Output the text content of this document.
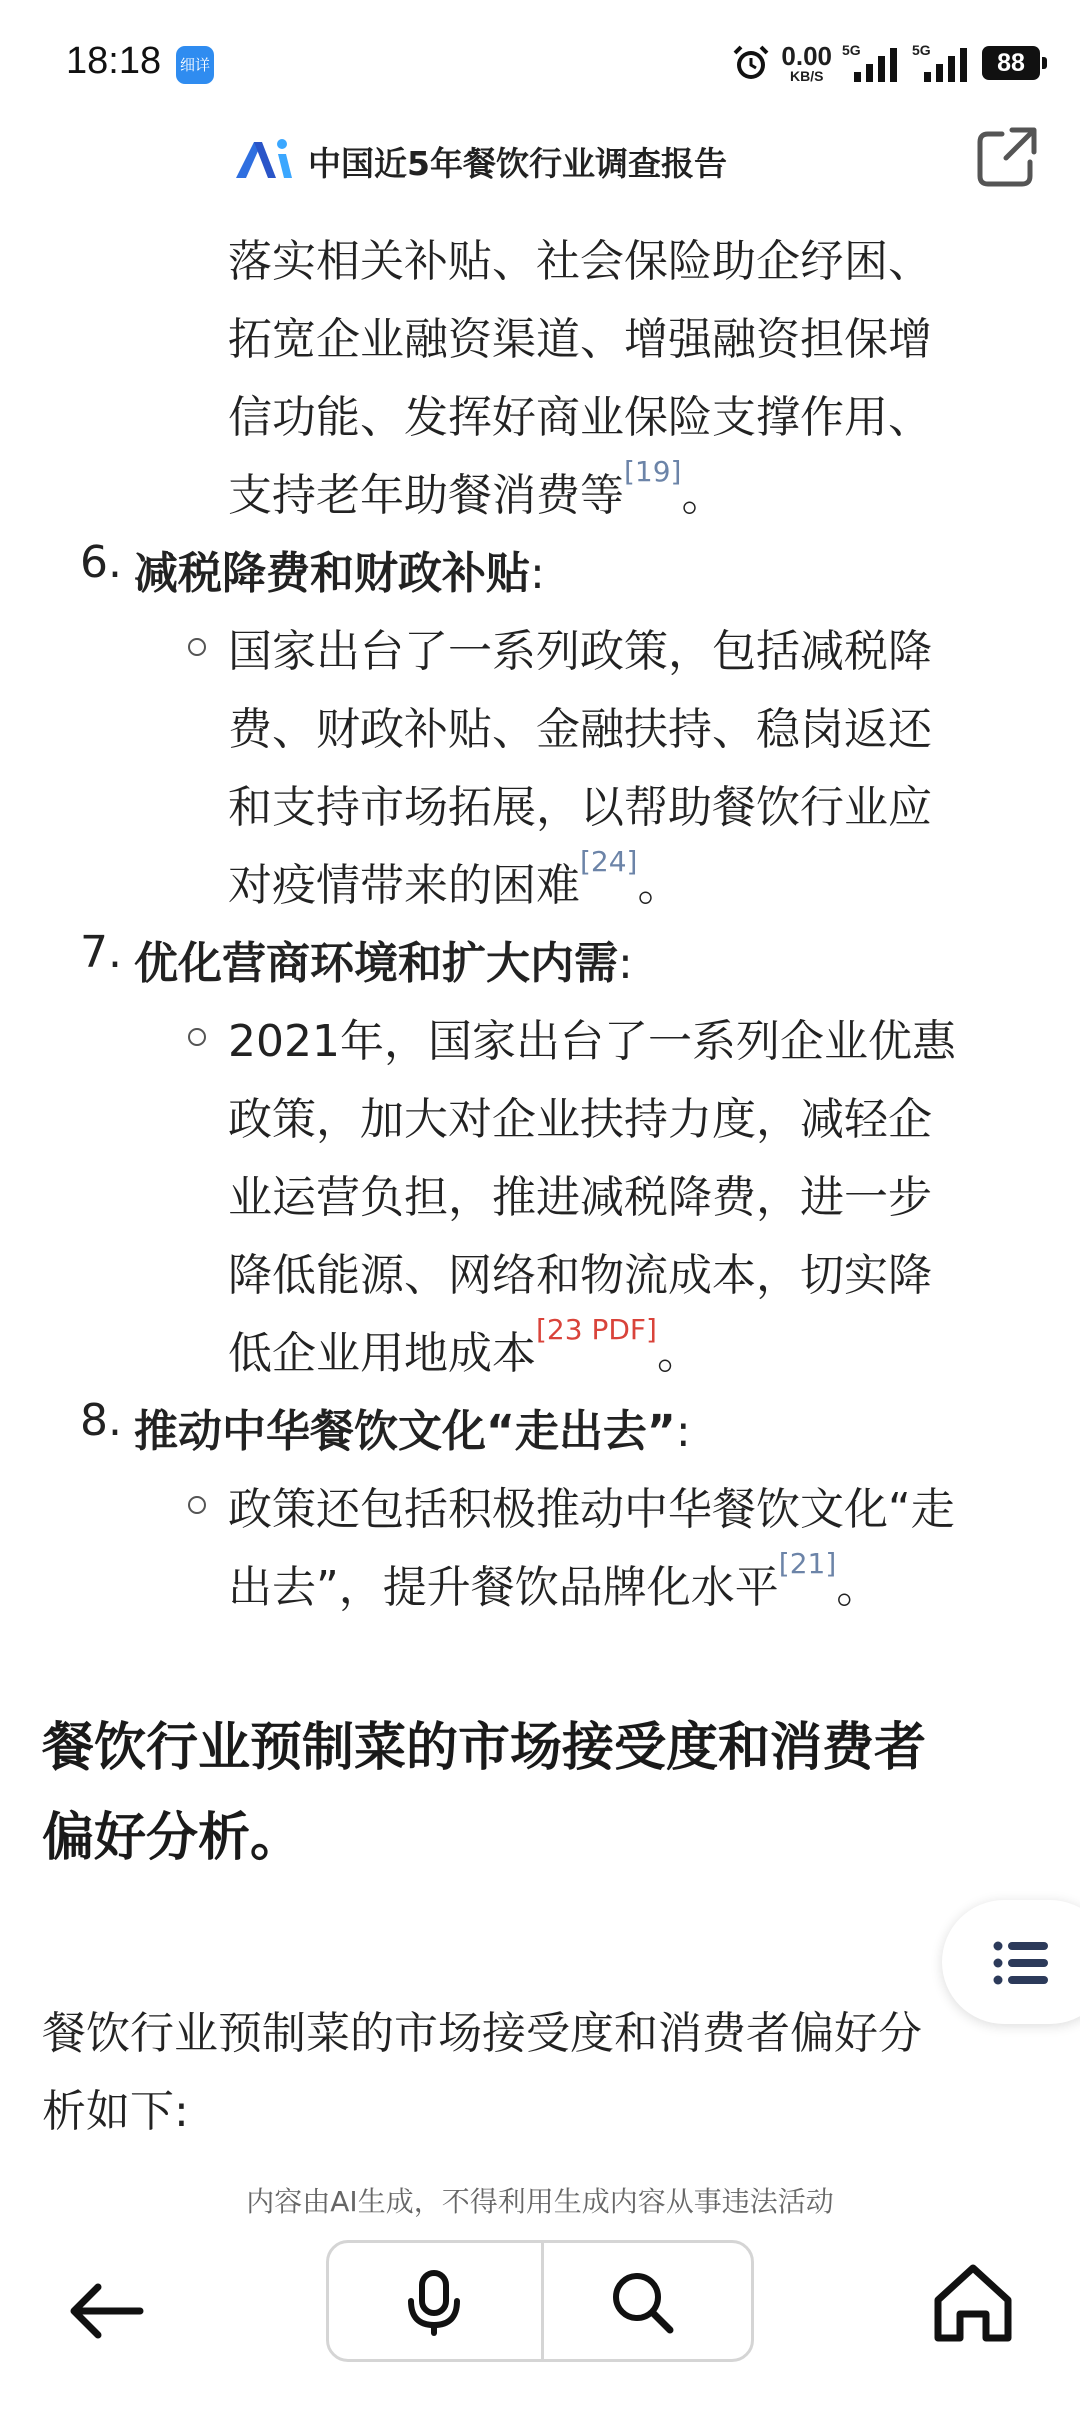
18:18 细详	0.00
KB/S
5G	5G	88
中国近5年餐饮行业调查报告
落实相关补贴、社会保险助企纾困、
拓宽企业融资渠道、增强融资担保增
信功能、发挥好商业保险支撑作用、
支持老年助餐消费等[19]。
6. 减税降费和财政补贴:
国家出台了一系列政策，包括减税降
费、财政补贴、金融扶持、稳岗返还
和支持市场拓展，以帮助餐饮行业应
对疫情带来的困难[24]。
7. 优化营商环境和扩大内需:
2021年，国家出台了一系列企业优惠
政策，加大对企业扶持力度，减轻企
业运营负担，推进减税降费，进一步
降低能源、网络和物流成本，切实降
低企业用地成本[23 PDF]。
8. 推动中华餐饮文化“走出去”:
政策还包括积极推动中华餐饮文化“走
出去”，提升餐饮品牌化水平[21]。
餐饮行业预制菜的市场接受度和消费者
偏好分析。
餐饮行业预制菜的市场接受度和消费者偏好分
析如下:
内容由AI生成，不得利用生成内容从事违法活动
